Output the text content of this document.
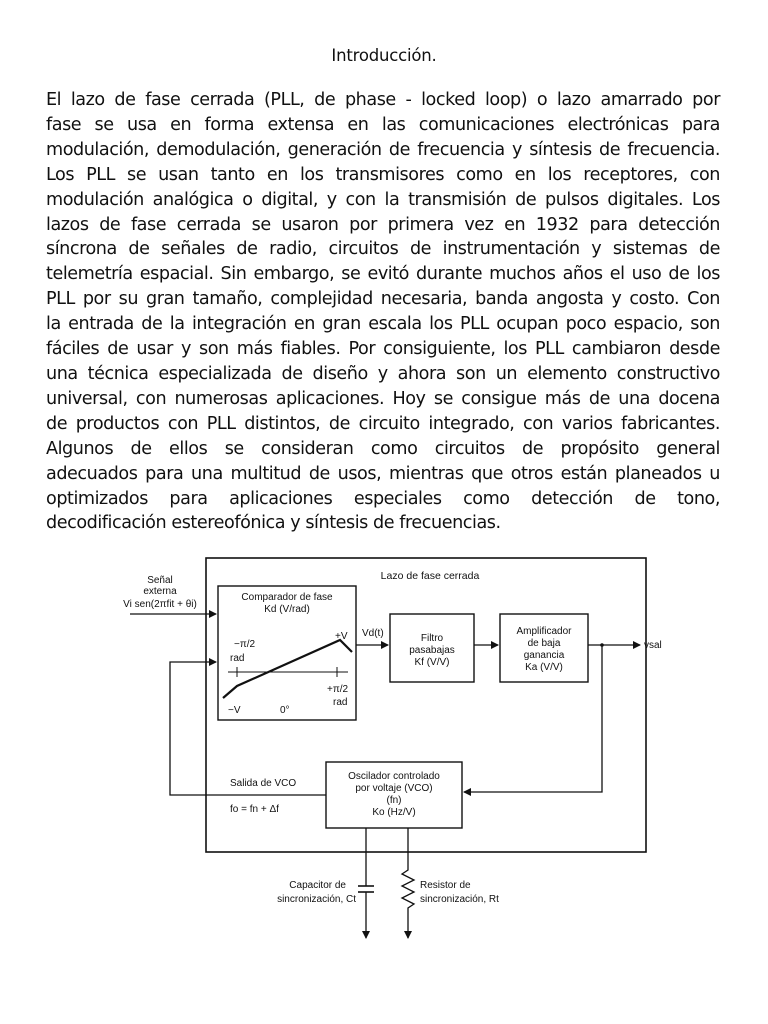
Introducción.
El lazo de fase cerrada (PLL, de phase - locked loop) o lazo amarrado por
fase se usa en forma extensa en las comunicaciones electrónicas para
modulación, demodulación, generación de frecuencia y síntesis de frecuencia.
Los PLL se usan tanto en los transmisores como en los receptores, con
modulación analógica o digital, y con la transmisión de pulsos digitales. Los
lazos de fase cerrada se usaron por primera vez en 1932 para detección
síncrona de señales de radio, circuitos de instrumentación y sistemas de
telemetría espacial. Sin embargo, se evitó durante muchos años el uso de los
PLL por su gran tamaño, complejidad necesaria, banda angosta y costo. Con
la entrada de la integración en gran escala los PLL ocupan poco espacio, son
fáciles de usar y son más fiables. Por consiguiente, los PLL cambiaron desde
una técnica especializada de diseño y ahora son un elemento constructivo
universal, con numerosas aplicaciones. Hoy se consigue más de una docena
de productos con PLL distintos, de circuito integrado, con varios fabricantes.
Algunos de ellos se consideran como circuitos de propósito general
adecuados para una multitud de usos, mientras que otros están planeados u
optimizados para aplicaciones especiales como detección de tono,
decodificación estereofónica y síntesis de frecuencias.
Lazo de fase cerrada
Señal
externa
Vi sen(2πfit + θi)
Comparador de fase
Kd (V/rad)
−π/2
rad
+V
+π/2
rad
−V	0°
Vd(t)	Filtro
pasabajas
Kf (V/V)
Amplificador
de baja
ganancia
Ka (V/V)
vsal
Oscilador controlado
por voltaje (VCO)
(fn)
Ko (Hz/V)
Salida de VCO
fo = fn + Δf
Capacitor de
sincronización, Ct
Resistor de
sincronización, Rt
